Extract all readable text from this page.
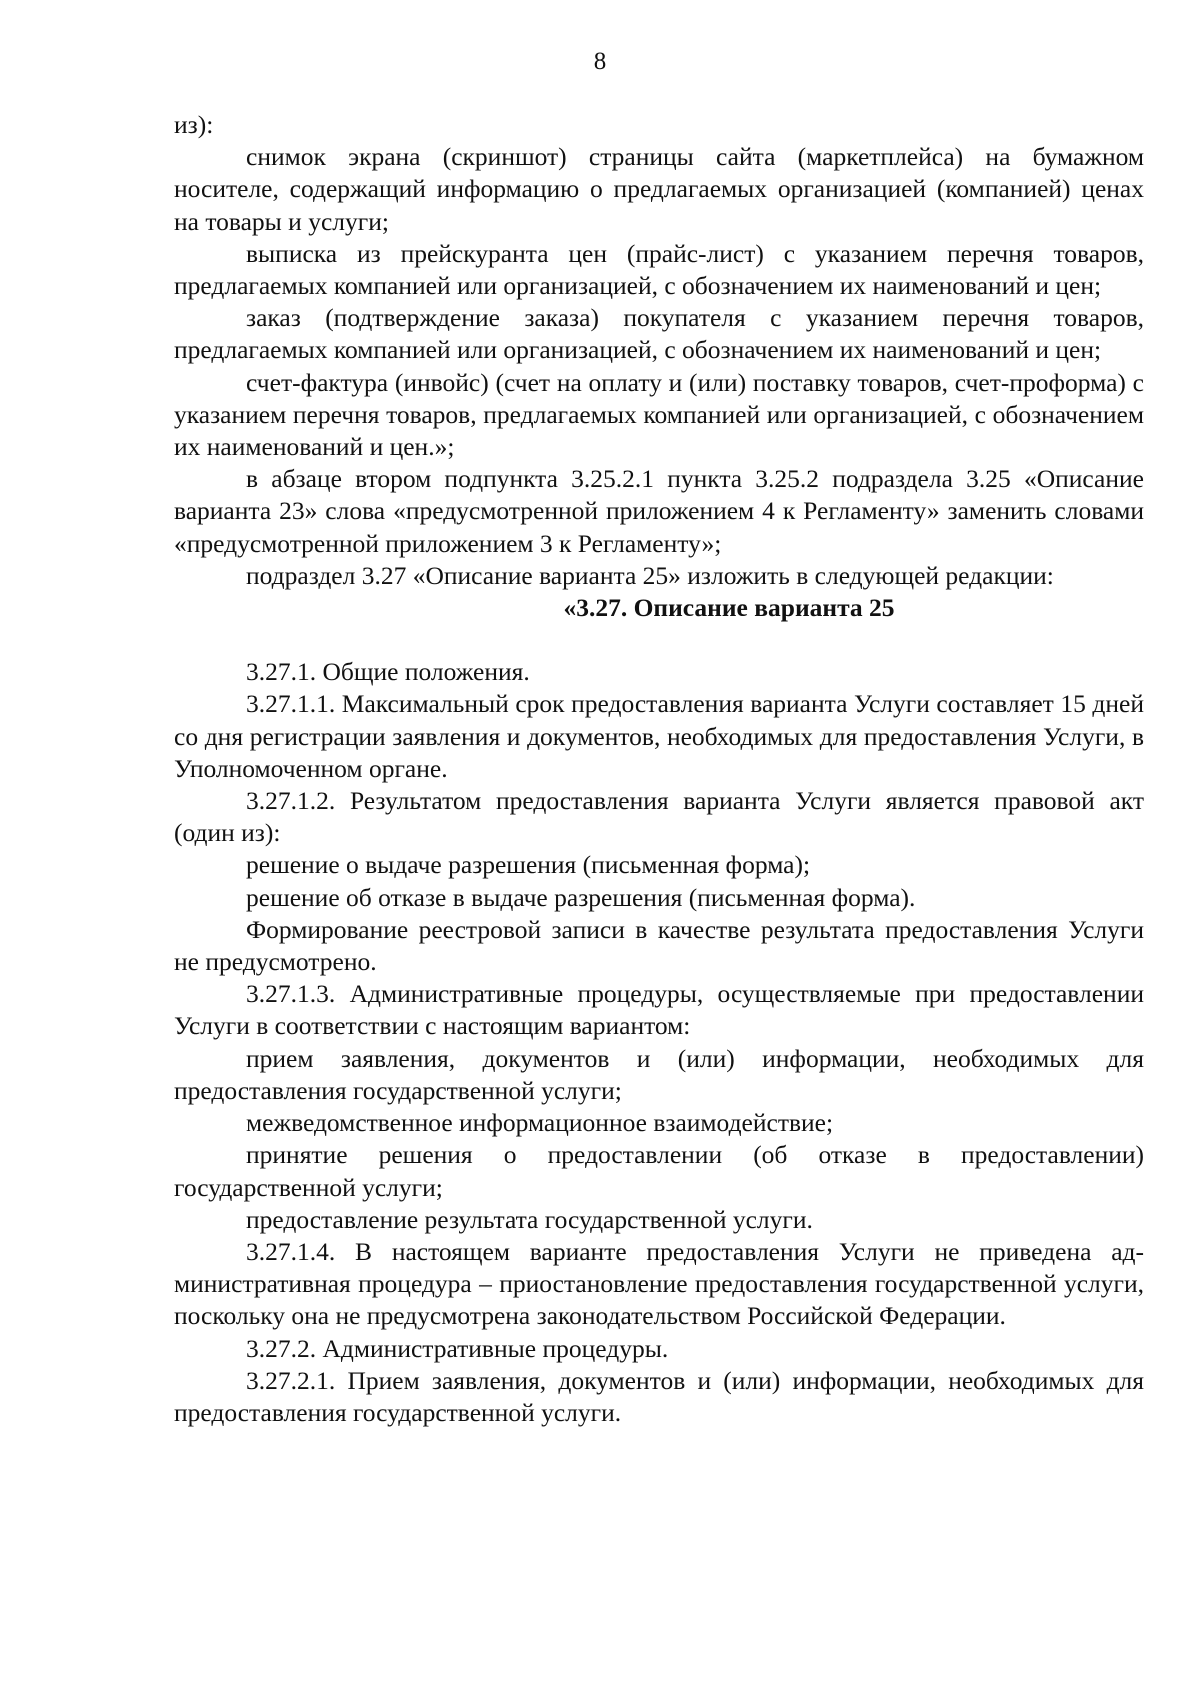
8

из):

снимок экрана (скриншот) страницы сайта (маркетплейса) на бумажном носителе, содержащий информацию о предлагаемых организацией (компанией) ценах на товары и услуги;

выписка из прейскуранта цен (прайс-лист) с указанием перечня товаров, предлагаемых компанией или организацией, с обозначением их наименований и цен;

заказ (подтверждение заказа) покупателя с указанием перечня товаров, предлагаемых компанией или организацией, с обозначением их наименований и цен;

счет-фактура (инвойс) (счет на оплату и (или) поставку товаров, счет-проформа) с указанием перечня товаров, предлагаемых компанией или организацией, с обозначением их наименований и цен.»;

в абзаце втором подпункта 3.25.2.1 пункта 3.25.2 подраздела 3.25 «Описание варианта 23» слова «предусмотренной приложением 4 к Регламенту» заменить словами «предусмотренной приложением 3 к Регламенту»;

подраздел 3.27 «Описание варианта 25» изложить в следующей редакции:

«3.27. Описание варианта 25

3.27.1. Общие положения.

3.27.1.1. Максимальный срок предоставления варианта Услуги составляет 15 дней со дня регистрации заявления и документов, необходимых для предоставления Услуги, в Уполномоченном органе.

3.27.1.2. Результатом предоставления варианта Услуги является правовой акт (один из):

решение о выдаче разрешения (письменная форма);

решение об отказе в выдаче разрешения (письменная форма).

Формирование реестровой записи в качестве результата предоставления Услуги не предусмотрено.

3.27.1.3. Административные процедуры, осуществляемые при предоставлении Услуги в соответствии с настоящим вариантом:

прием заявления, документов и (или) информации, необходимых для предоставления государственной услуги;

межведомственное информационное взаимодействие;

принятие решения о предоставлении (об отказе в предоставлении) государственной услуги;

предоставление результата государственной услуги.

3.27.1.4. В настоящем варианте предоставления Услуги не приведена административная процедура – приостановление предоставления государственной услуги, поскольку она не предусмотрена законодательством Российской Федерации.

3.27.2. Административные процедуры.

3.27.2.1. Прием заявления, документов и (или) информации, необходимых для предоставления государственной услуги.
